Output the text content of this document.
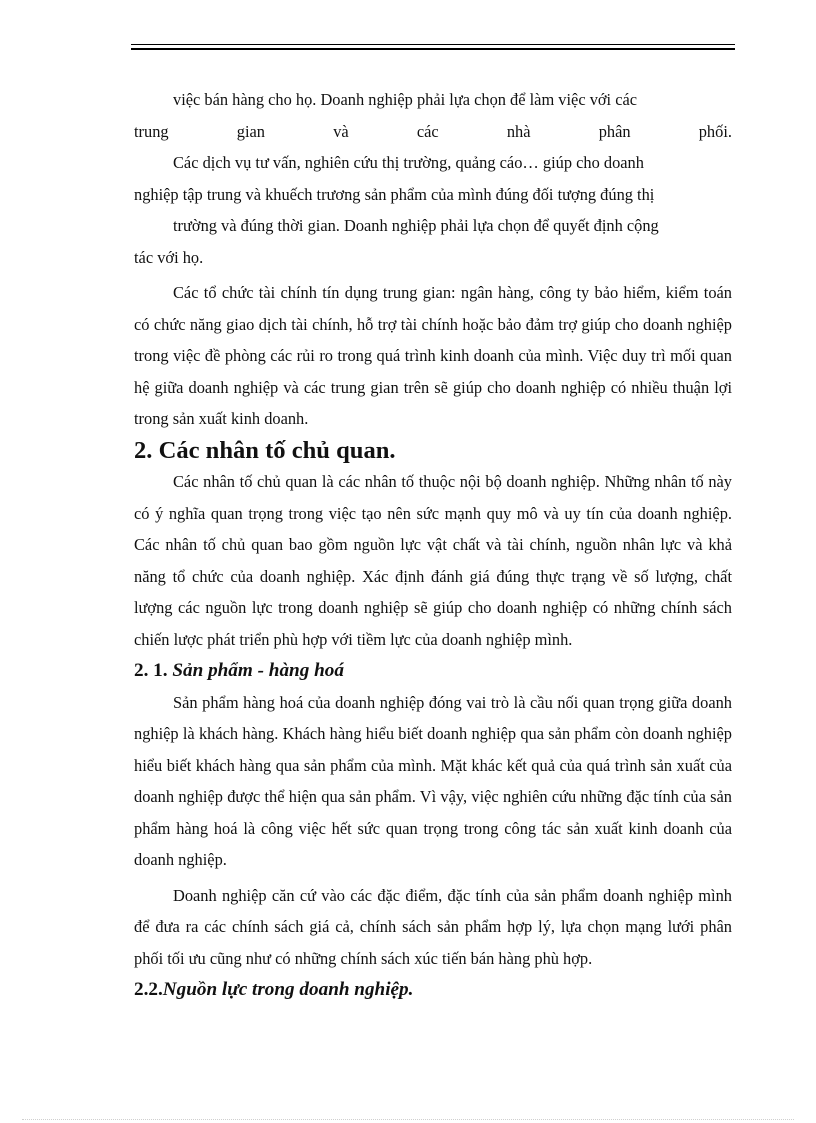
việc bán hàng cho họ. Doanh nghiệp phải lựa chọn để làm việc với các

trung	gian	và	các	nhà	phân	phối.

Các dịch vụ tư vấn, nghiên cứu thị trường, quảng cáo… giúp cho doanh

nghiệp tập trung và khuếch trương sản phẩm của mình đúng đối tượng đúng thị

trường và đúng thời gian. Doanh nghiệp phải lựa chọn để quyết định cộng

tác với họ.

Các tổ chức tài chính tín dụng trung gian: ngân hàng, công ty bảo hiểm, kiểm toán có chức năng giao dịch tài chính, hỗ trợ tài chính hoặc bảo đảm trợ giúp cho doanh nghiệp trong việc đề phòng các rủi ro trong quá trình kinh doanh của mình. Việc duy trì mối quan hệ giữa doanh nghiệp và các trung gian trên sẽ giúp cho doanh nghiệp có nhiều thuận lợi trong sản xuất kinh doanh.

2. Các nhân tố chủ quan.

Các nhân tố chủ quan là các nhân tố thuộc nội bộ doanh nghiệp. Những nhân tố này có ý nghĩa quan trọng trong việc tạo nên sức mạnh quy mô và uy tín của doanh nghiệp. Các nhân tố chủ quan bao gồm nguồn lực vật chất và tài chính, nguồn nhân lực và khả năng tổ chức của doanh nghiệp. Xác định đánh giá đúng thực trạng về số lượng, chất lượng các nguồn lực trong doanh nghiệp sẽ giúp cho doanh nghiệp có những chính sách chiến lược phát triển phù hợp với tiềm lực của doanh nghiệp mình.

2. 1. Sản phẩm - hàng hoá

Sản phẩm hàng hoá của doanh nghiệp đóng vai trò là cầu nối quan trọng giữa doanh nghiệp là khách hàng. Khách hàng hiểu biết doanh nghiệp qua sản phẩm còn doanh nghiệp hiểu biết khách hàng qua sản phẩm của mình. Mặt khác kết quả của quá trình sản xuất của doanh nghiệp được thể hiện qua sản phẩm. Vì vậy, việc nghiên cứu những đặc tính của sản phẩm hàng hoá là công việc hết sức quan trọng trong công tác sản xuất kinh doanh của doanh nghiệp.

Doanh nghiệp căn cứ vào các đặc điểm, đặc tính của sản phẩm doanh nghiệp mình để đưa ra các chính sách giá cả, chính sách sản phẩm hợp lý, lựa chọn mạng lưới phân phối tối ưu cũng như có những chính sách xúc tiến bán hàng phù hợp.

2.2.Nguồn lực trong doanh nghiệp.
